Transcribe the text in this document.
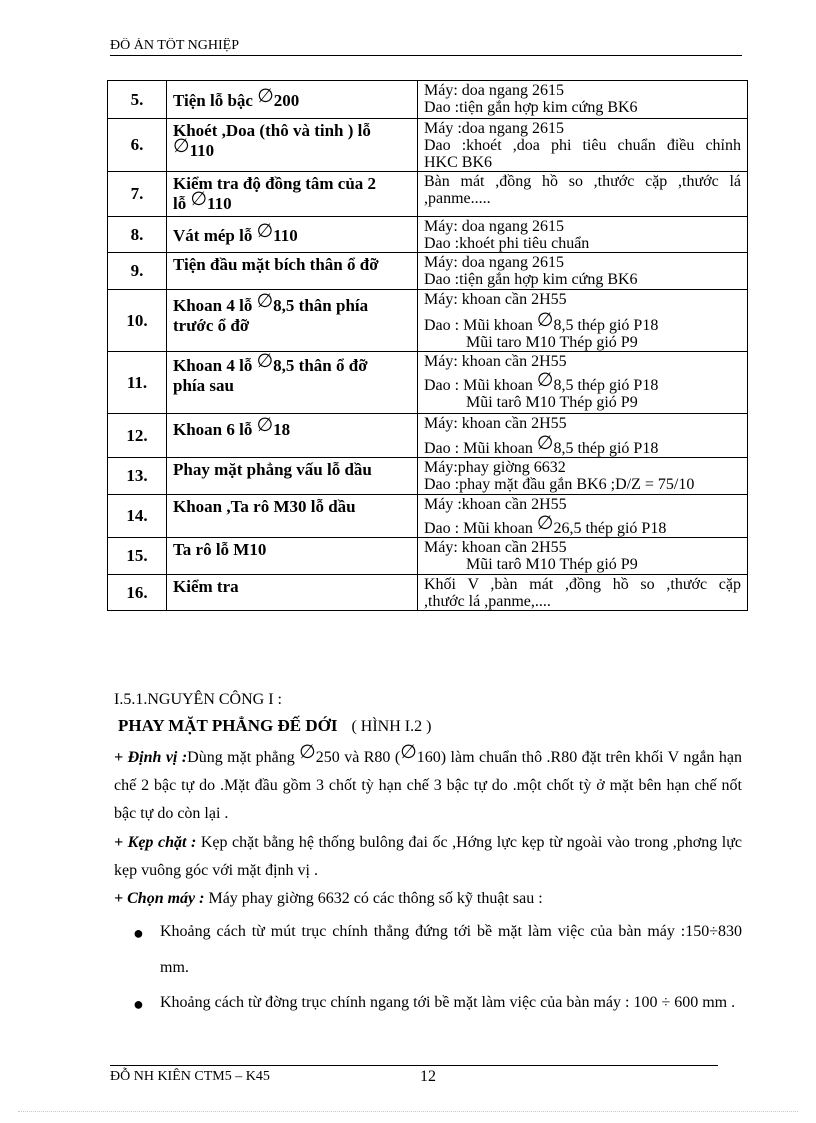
ĐỒ ÁN TỐT NGHIỆP
5.	Tiện lỗ bậc ∅200	Máy: doa ngang 2615
Dao :tiện gắn hợp kim cứng BK6

6.	Khoét ,Doa (thô và tinh ) lỗ
∅110	Máy :doa ngang 2615
Dao :khoét ,doa phi tiêu chuẩn điều chỉnh
HKC BK6

7.	Kiểm tra độ đồng tâm của 2
lỗ ∅110	Bàn mát ,đồng hồ so ,thước cặp ,thước lá
,panme.....

8.	Vát mép lỗ ∅110	Máy: doa ngang 2615
Dao :khoét phi tiêu chuẩn

9.	Tiện đầu mặt bích thân ổ đỡ	Máy: doa ngang 2615
Dao :tiện gắn hợp kim cứng BK6

10.	Khoan 4 lỗ ∅8,5 thân phía
trước ổ đỡ	Máy: khoan cần 2H55
Dao : Mũi khoan ∅8,5 thép gió P18
Mũi taro M10 Thép gió P9

11.	Khoan 4 lỗ ∅8,5 thân ổ đỡ
phía sau	Máy: khoan cần 2H55
Dao : Mũi khoan ∅8,5 thép gió P18
Mũi tarô M10 Thép gió P9

12.	Khoan 6 lỗ ∅18	Máy: khoan cần 2H55
Dao : Mũi khoan ∅8,5 thép gió P18

13.	Phay mặt phẳng vấu lỗ dầu	Máy:phay giờng 6632
Dao :phay mặt đầu gắn BK6 ;D/Z = 75/10

14.	Khoan ,Ta rô M30 lỗ dầu	Máy :khoan cần 2H55
Dao : Mũi khoan ∅26,5 thép gió P18

15.	Ta rô lỗ M10	Máy: khoan cần 2H55
Mũi tarô M10 Thép gió P9

16.	Kiểm tra	Khối V ,bàn mát ,đồng hồ so ,thước cặp
,thước lá ,panme,....
I.5.1.NGUYÊN CÔNG I :
PHAY MẶT PHẲNG ĐẾ DỚI ( HÌNH I.2 )
+ Định vị :Dùng mặt phẳng ∅250 và R80 (∅160) làm chuẩn thô .R80 đặt trên khối V ngắn hạn chế 2 bậc tự do .Mặt đầu gồm 3 chốt tỳ hạn chế 3 bậc tự do .một chốt tỳ ở mặt bên hạn chế nốt bậc tự do còn lại .
+ Kẹp chặt : Kẹp chặt bằng hệ thống bulông đai ốc ,Hớng lực kẹp từ ngoài vào trong ,phơng lực kẹp vuông góc với mặt định vị .
+ Chọn máy : Máy phay giờng 6632 có các thông số kỹ thuật sau :
● Khoảng cách từ mút trục chính thẳng đứng tới bề mặt làm việc của bàn máy :150÷830 mm.
● Khoảng cách từ đờng trục chính ngang tới bề mặt làm việc của bàn máy : 100 ÷ 600 mm .
ĐỖ NH KIÊN CTM5 – K45	12
